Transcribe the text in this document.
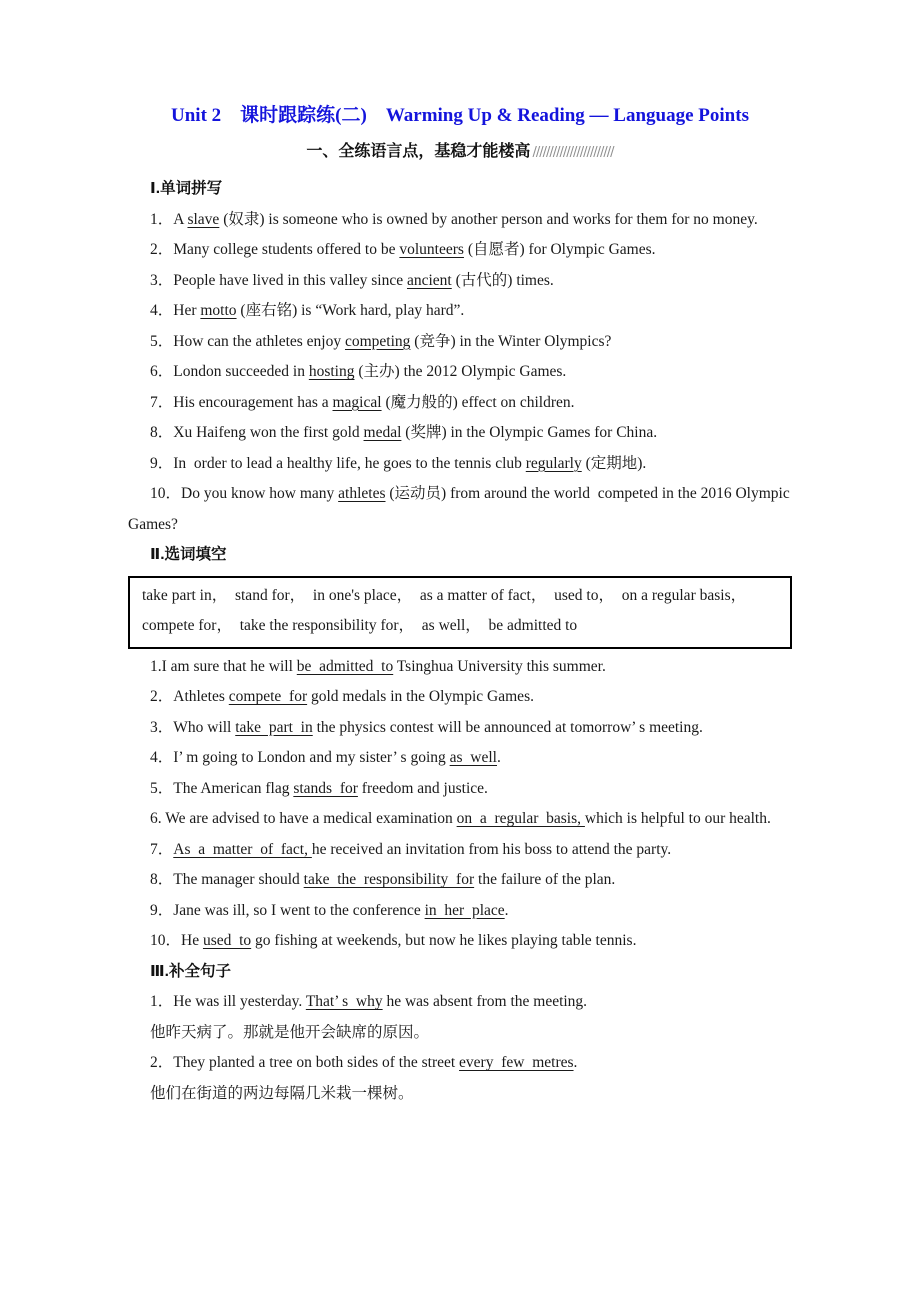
Unit 2　课时跟踪练(二)　Warming Up & Reading — Language Points
一、全练语言点，基稳才能楼高 ////////////////////////
Ⅰ.单词拼写

1．A slave (奴隶) is someone who is owned by another person and works for them for no money.

2．Many college students offered to be volunteers (自愿者) for Olympic Games.

3．People have lived in this valley since ancient (古代的) times.

4．Her motto (座右铭) is “Work hard, play hard”.

5．How can the athletes enjoy competing (竞争) in the Winter Olympics?

6．London succeeded in hosting (主办) the 2012 Olympic Games.

7．His encouragement has a magical (魔力般的) effect on children.

8．Xu Haifeng won the first gold medal (奖牌) in the Olympic Games for China.

9．In  order to lead a healthy life, he goes to the tennis club regularly (定期地).

10．Do you know how many athletes (运动员) from around the world  competed in the 2016 Olympic Games?

Ⅱ.选词填空
take part in，　stand for，　in one's place，　as a matter of fact，　used to，　on a regular basis，
compete for，　take the responsibility for，　as well，　be admitted to

1.I am sure that he will be  admitted  to Tsinghua University this summer.

2．Athletes compete  for gold medals in the Olympic Games.

3．Who will take  part  in the physics contest will be announced at tomorrow’ s meeting.

4．I’ m going to London and my sister’ s going as  well.

5．The American flag stands  for freedom and justice.

6. We are advised to have a medical examination on  a  regular  basis, which is helpful to our health.

7．As  a  matter  of  fact, he received an invitation from his boss to attend the party.

8．The manager should take  the  responsibility  for the failure of the plan.

9．Jane was ill, so I went to the conference in  her  place.

10．He used  to go fishing at weekends, but now he likes playing table tennis.

Ⅲ.补全句子

1．He was ill yesterday. That’ s  why he was absent from the meeting.

他昨天病了。那就是他开会缺席的原因。

2．They planted a tree on both sides of the street every  few  metres.

他们在街道的两边每隔几米栽一棵树。
